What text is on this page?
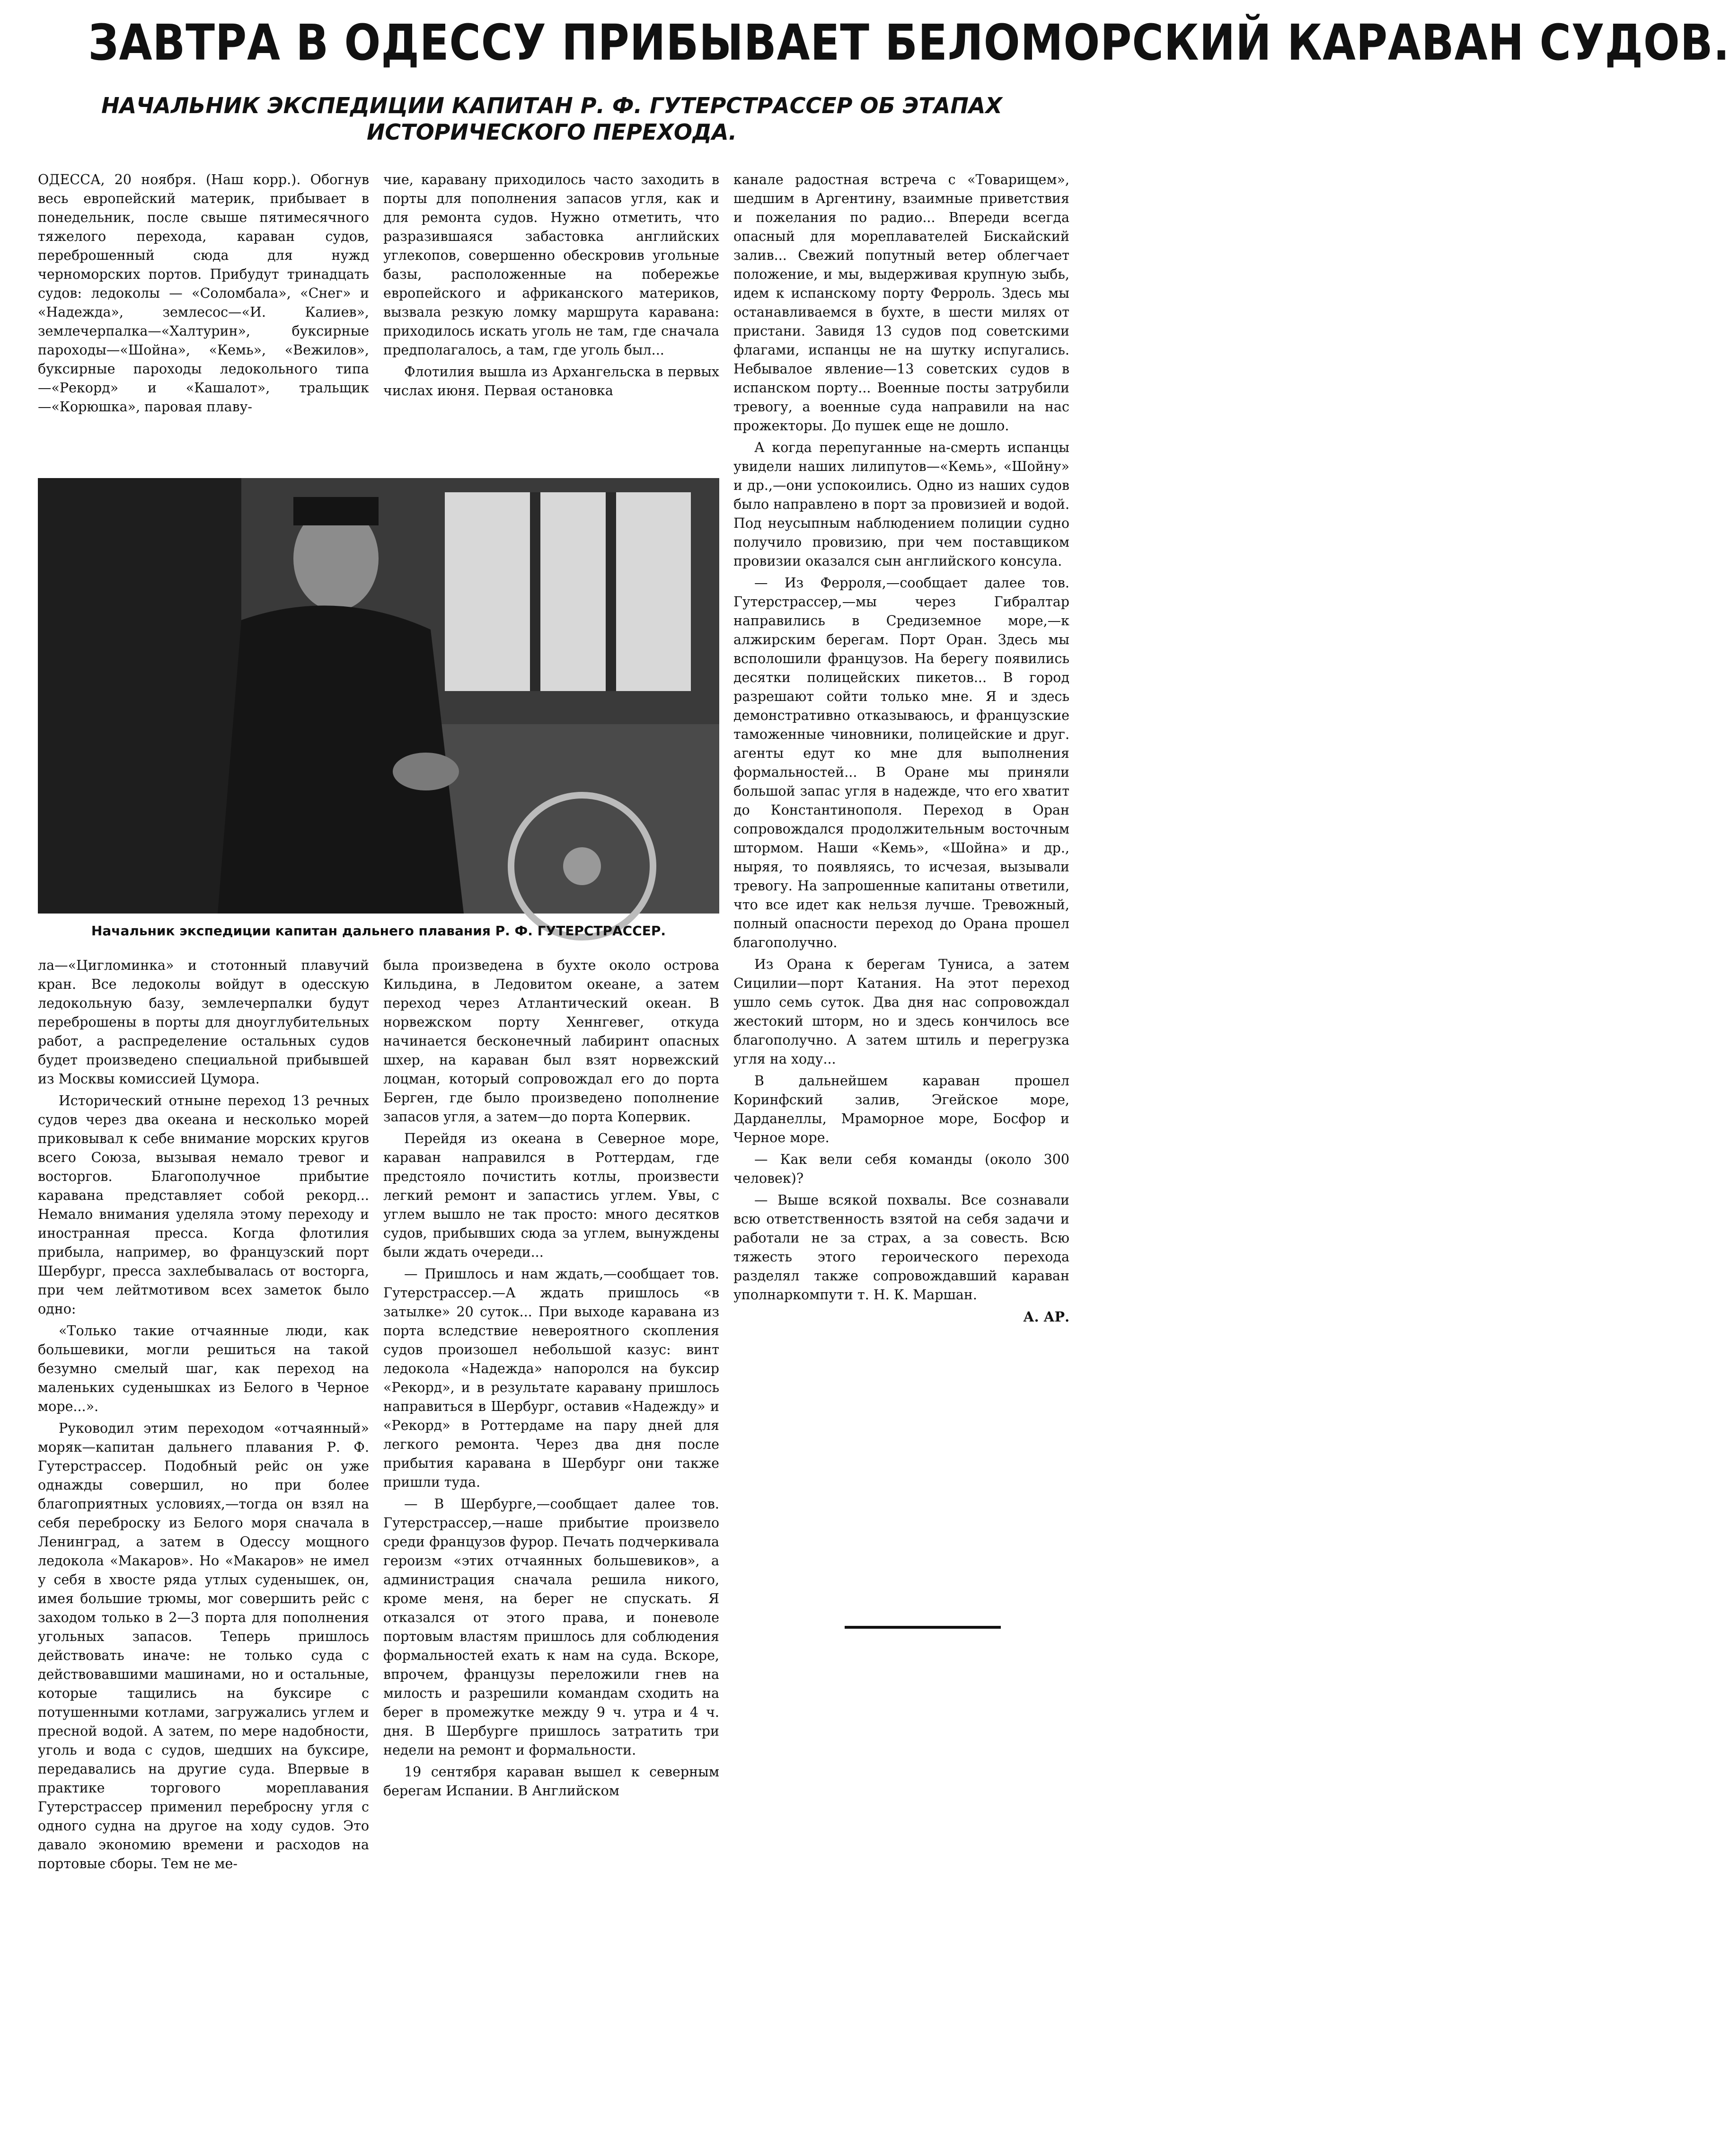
ЗАВТРА В ОДЕССУ ПРИБЫВАЕТ БЕЛОМОРСКИЙ КАРАВАН СУДОВ.
НАЧАЛЬНИК ЭКСПЕДИЦИИ КАПИТАН Р. Ф. ГУТЕРСТРАССЕР ОБ ЭТАПАХ ИСТОРИЧЕСКОГО ПЕРЕХОДА.

ОДЕССА, 20 ноября. (Наш корр.). Обогнув весь европейский материк, прибывает в понедельник, после свыше пятимесячного тяжелого перехода, караван судов, переброшенный сюда для нужд черноморских портов. Прибудут тринадцать судов: ледоколы — «Соломбала», «Снег» и «Надежда», землесос—«И. Калиев», землечерпалка—«Халтурин», буксирные пароходы—«Шойна», «Кемь», «Вежилов», буксирные пароходы ледокольного типа—«Рекорд» и «Кашалот», тральщик—«Корюшка», паровая плаву-

чие, каравану приходилось часто заходить в порты для пополнения запасов угля, как и для ремонта судов. Нужно отметить, что разразившаяся забастовка английских углекопов, совершенно обескровив угольные базы, расположенные на побережье европейского и африканского материков, вызвала резкую ломку маршрута каравана: приходилось искать уголь не там, где сначала предполагалось, а там, где уголь был...

Флотилия вышла из Архангельска в первых числах июня. Первая остановка

Начальник экспедиции капитан дальнего плавания Р. Ф. ГУТЕРСТРАССЕР.

канале радостная встреча с «Товарищем», шедшим в Аргентину, взаимные приветствия и пожелания по радио... Впереди всегда опасный для мореплавателей Бискайский залив... Свежий попутный ветер облегчает положение, и мы, выдерживая крупную зыбь, идем к испанскому порту Ферроль. Здесь мы останавливаемся в бухте, в шести милях от пристани. Завидя 13 судов под советскими флагами, испанцы не на шутку испугались. Небывалое явление—13 советских судов в испанском порту... Военные посты затрубили тревогу, а военные суда направили на нас прожекторы. До пушек еще не дошло.

А когда перепуганные на-смерть испанцы увидели наших лилипутов—«Кемь», «Шойну» и др.,—они успокоились. Одно из наших судов было направлено в порт за провизией и водой. Под неусыпным наблюдением полиции судно получило провизию, при чем поставщиком провизии оказался сын английского консула.

— Из Ферроля,—сообщает далее тов. Гутерстрассер,—мы через Гибралтар направились в Средиземное море,—к алжирским берегам. Порт Оран. Здесь мы всполошили французов. На берегу появились десятки полицейских пикетов... В город разрешают сойти только мне. Я и здесь демонстративно отказываюсь, и французские таможенные чиновники, полицейские и друг. агенты едут ко мне для выполнения формальностей... В Оране мы приняли большой запас угля в надежде, что его хватит до Константинополя. Переход в Оран сопровождался продолжительным восточным штормом. Наши «Кемь», «Шойна» и др., ныряя, то появляясь, то исчезая, вызывали тревогу. На запрошенные капитаны ответили, что все идет как нельзя лучше. Тревожный, полный опасности переход до Орана прошел благополучно.

Из Орана к берегам Туниса, а затем Сицилии—порт Катания. На этот переход ушло семь суток. Два дня нас сопровождал жестокий шторм, но и здесь кончилось все благополучно. А затем штиль и перегрузка угля на ходу...

В дальнейшем караван прошел Коринфский залив, Эгейское море, Дарданеллы, Мраморное море, Босфор и Черное море.

— Как вели себя команды (около 300 человек)?

— Выше всякой похвалы. Все сознавали всю ответственность взятой на себя задачи и работали не за страх, а за совесть. Всю тяжесть этого героического перехода разделял также сопровождавший караван уполнаркомпути т. Н. К. Маршан.

А. АР.

ла—«Цигломинка» и стотонный плавучий кран. Все ледоколы войдут в одесскую ледокольную базу, землечерпалки будут переброшены в порты для дноуглубительных работ, а распределение остальных судов будет произведено специальной прибывшей из Москвы комиссией Цумора.

Исторический отныне переход 13 речных судов через два океана и несколько морей приковывал к себе внимание морских кругов всего Союза, вызывая немало тревог и восторгов. Благополучное прибытие каравана представляет собой рекорд... Немало внимания уделяла этому переходу и иностранная пресса. Когда флотилия прибыла, например, во французский порт Шербург, пресса захлебывалась от восторга, при чем лейтмотивом всех заметок было одно:

«Только такие отчаянные люди, как большевики, могли решиться на такой безумно смелый шаг, как переход на маленьких суденышках из Белого в Черное море...».

Руководил этим переходом «отчаянный» моряк—капитан дальнего плавания Р. Ф. Гутерстрассер. Подобный рейс он уже однажды совершил, но при более благоприятных условиях,—тогда он взял на себя переброску из Белого моря сначала в Ленинград, а затем в Одессу мощного ледокола «Макаров». Но «Макаров» не имел у себя в хвосте ряда утлых суденышек, он, имея большие трюмы, мог совершить рейс с заходом только в 2—3 порта для пополнения угольных запасов. Теперь пришлось действовать иначе: не только суда с действовавшими машинами, но и остальные, которые тащились на буксире с потушенными котлами, загружались углем и пресной водой. А затем, по мере надобности, уголь и вода с судов, шедших на буксире, передавались на другие суда. Впервые в практике торгового мореплавания Гутерстрассер применил перебросну угля с одного судна на другое на ходу судов. Это давало экономию времени и расходов на портовые сборы. Тем не ме-

была произведена в бухте около острова Кильдина, в Ледовитом океане, а затем переход через Атлантический океан. В норвежском порту Хеннгевег, откуда начинается бесконечный лабиринт опасных шхер, на караван был взят норвежский лоцман, который сопровождал его до порта Берген, где было произведено пополнение запасов угля, а затем—до порта Копервик.

Перейдя из океана в Северное море, караван направился в Роттердам, где предстояло почистить котлы, произвести легкий ремонт и запастись углем. Увы, с углем вышло не так просто: много десятков судов, прибывших сюда за углем, вынуждены были ждать очереди...

— Пришлось и нам ждать,—сообщает тов. Гутерстрассер.—А ждать пришлось «в затылке» 20 суток... При выходе каравана из порта вследствие невероятного скопления судов произошел небольшой казус: винт ледокола «Надежда» напоролся на буксир «Рекорд», и в результате каравану пришлось направиться в Шербург, оставив «Надежду» и «Рекорд» в Роттердаме на пару дней для легкого ремонта. Через два дня после прибытия каравана в Шербург они также пришли туда.

— В Шербурге,—сообщает далее тов. Гутерстрассер,—наше прибытие произвело среди французов фурор. Печать подчеркивала героизм «этих отчаянных большевиков», а администрация сначала решила никого, кроме меня, на берег не спускать. Я отказался от этого права, и поневоле портовым властям пришлось для соблюдения формальностей ехать к нам на суда. Вскоре, впрочем, французы переложили гнев на милость и разрешили командам сходить на берег в промежутке между 9 ч. утра и 4 ч. дня. В Шербурге пришлось затратить три недели на ремонт и формальности.

19 сентября караван вышел к северным берегам Испании. В Английском
